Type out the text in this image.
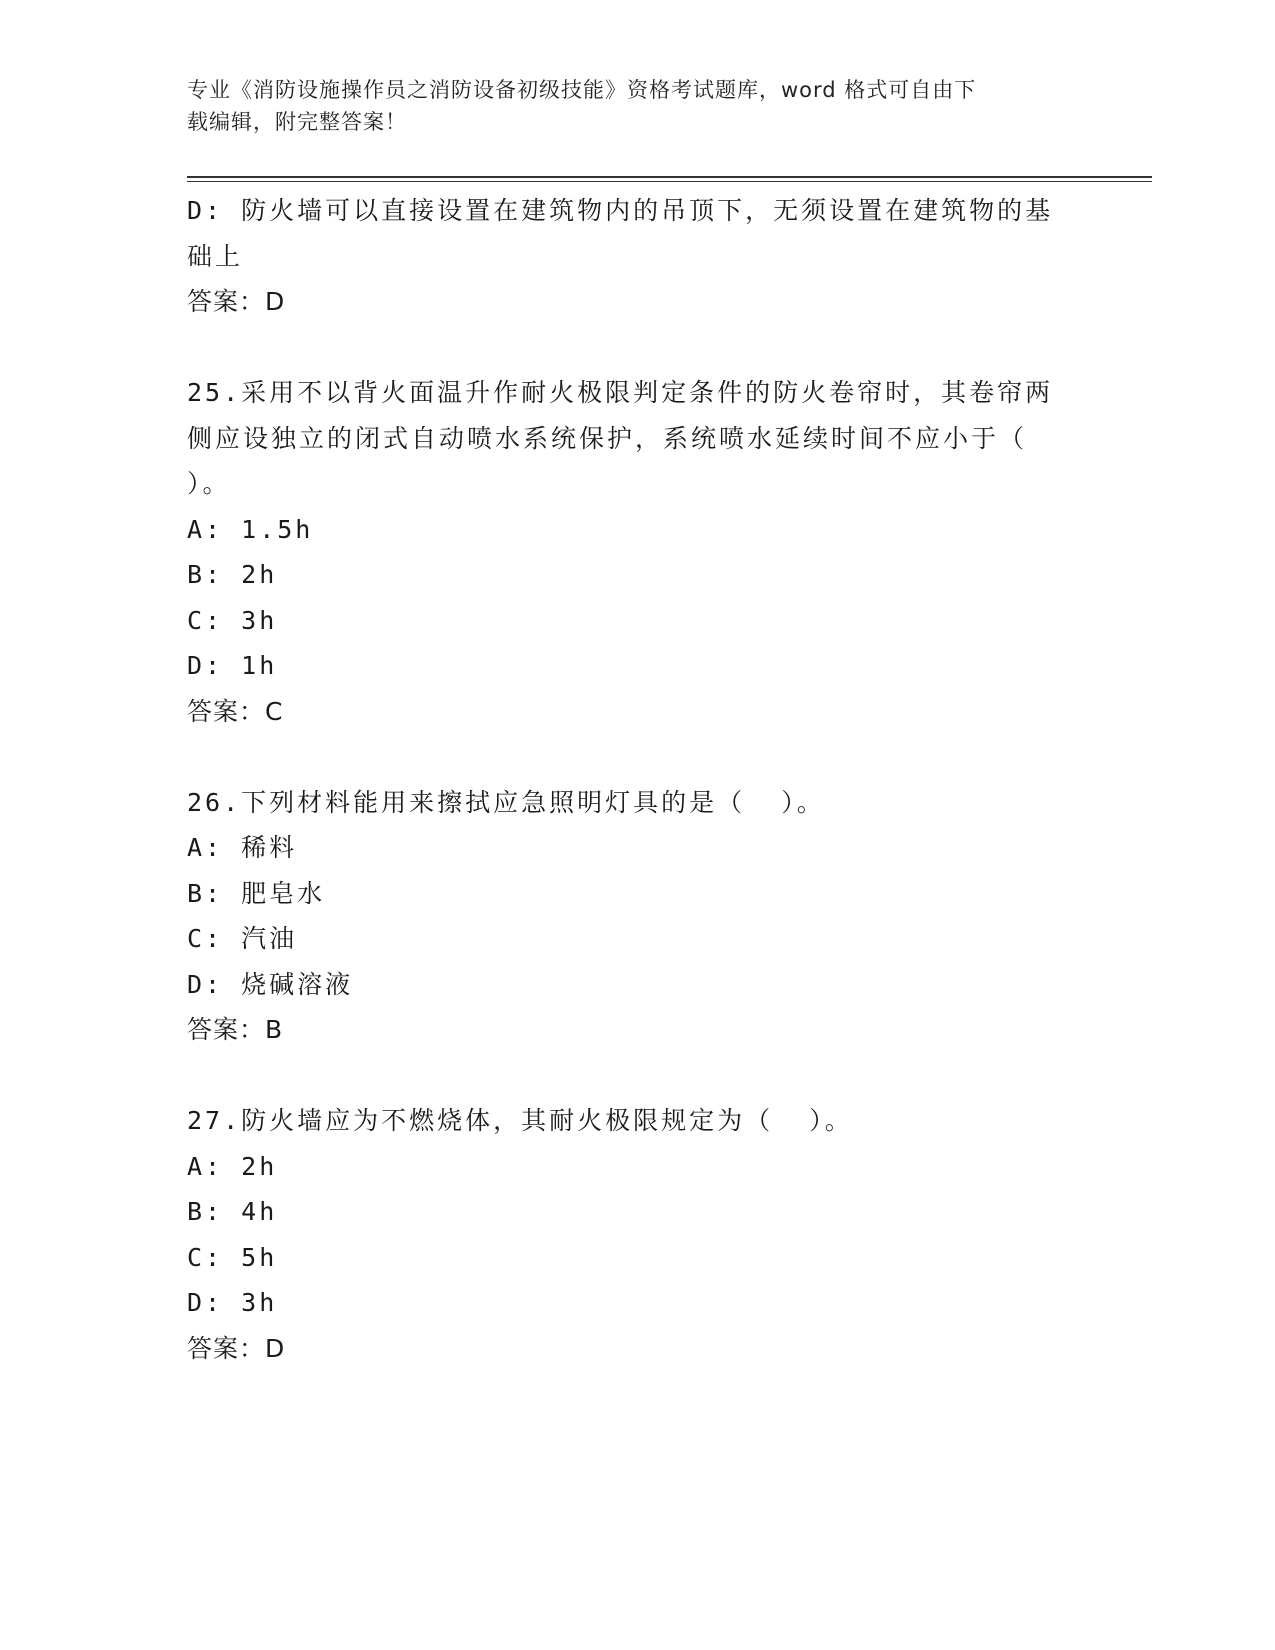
专业《消防设施操作员之消防设备初级技能》资格考试题库，word 格式可自由下
载编辑，附完整答案！
D: 防火墙可以直接设置在建筑物内的吊顶下，无须设置在建筑物的基
础上
答案：D
25.采用不以背火面温升作耐火极限判定条件的防火卷帘时，其卷帘两
侧应设独立的闭式自动喷水系统保护，系统喷水延续时间不应小于（
）。
A: 1.5h
B: 2h
C: 3h
D: 1h
答案：C
26.下列材料能用来擦拭应急照明灯具的是（  ）。
A: 稀料
B: 肥皂水
C: 汽油
D: 烧碱溶液
答案：B
27.防火墙应为不燃烧体，其耐火极限规定为（  ）。
A: 2h
B: 4h
C: 5h
D: 3h
答案：D
